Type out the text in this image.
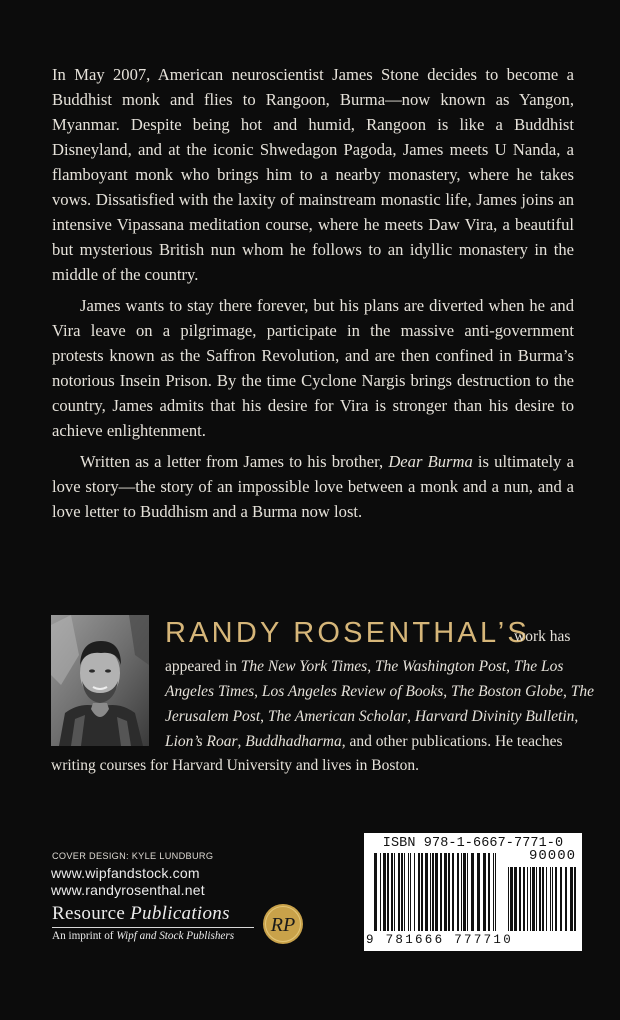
In May 2007, American neuroscientist James Stone decides to become a Buddhist monk and flies to Rangoon, Burma—now known as Yangon, Myanmar. Despite being hot and humid, Rangoon is like a Buddhist Disneyland, and at the iconic Shwedagon Pagoda, James meets U Nanda, a flamboyant monk who brings him to a nearby monastery, where he takes vows. Dissatisfied with the laxity of mainstream monastic life, James joins an intensive Vipassana meditation course, where he meets Daw Vira, a beautiful but mysterious British nun whom he follows to an idyllic monastery in the middle of the country.

James wants to stay there forever, but his plans are diverted when he and Vira leave on a pilgrimage, participate in the massive anti-government protests known as the Saffron Revolution, and are then confined in Burma’s notorious Insein Prison. By the time Cyclone Nargis brings destruction to the country, James admits that his desire for Vira is stronger than his desire to achieve enlightenment.

Written as a letter from James to his brother, Dear Burma is ultimately a love story—the story of an impossible love between a monk and a nun, and a love letter to Buddhism and a Burma now lost.

RANDY ROSENTHAL’S
work has
appeared in The New York Times, The Washington Post, The Los
Angeles Times, Los Angeles Review of Books, The Boston Globe, The
Jerusalem Post, The American Scholar, Harvard Divinity Bulletin,
Lion’s Roar, Buddhadharma, and other publications. He teaches
writing courses for Harvard University and lives in Boston.
COVER DESIGN: KYLE LUNDBURG
www.wipfandstock.com
www.randyrosenthal.net
Resource Publications
An imprint of Wipf and Stock Publishers RP
ISBN 978-1-6667-7771-0
90000
9 781666 777710
